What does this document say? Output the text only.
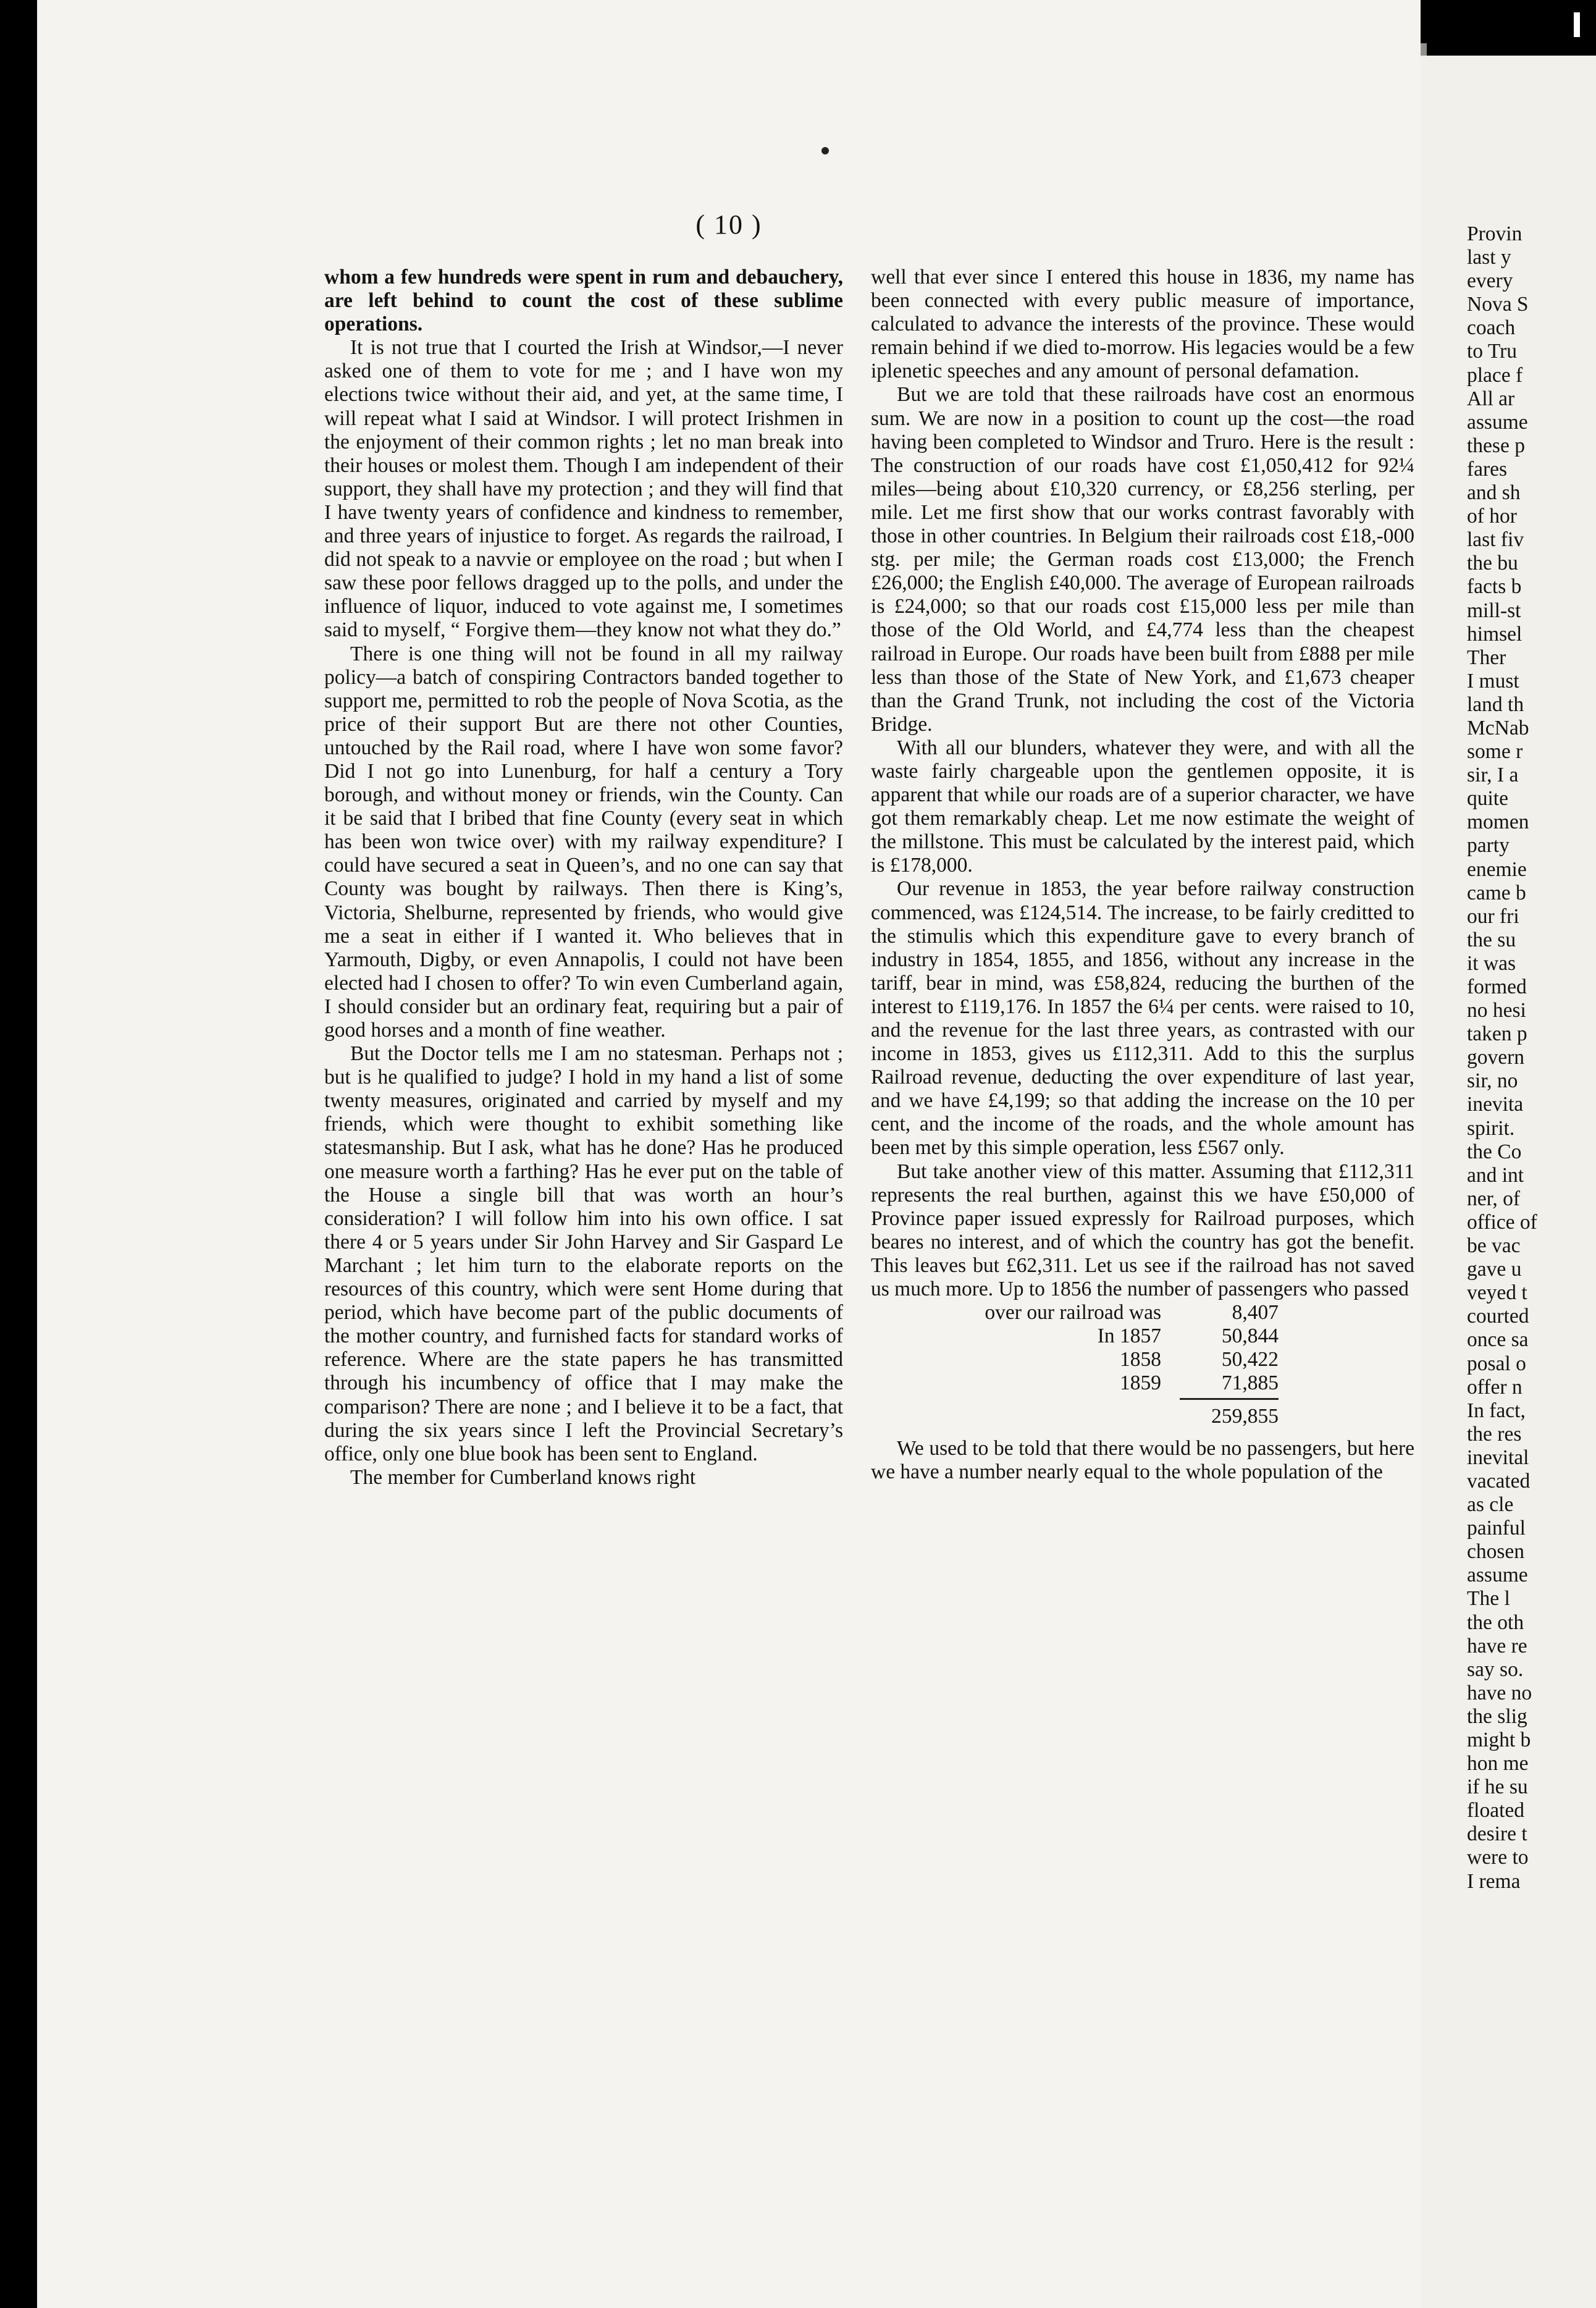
( 10 )

whom a few hundreds were spent in rum and debauchery, are left behind to count the cost of these sublime operations.

It is not true that I courted the Irish at Windsor,—I never asked one of them to vote for me ; and I have won my elections twice without their aid, and yet, at the same time, I will repeat what I said at Windsor. I will protect Irishmen in the enjoyment of their common rights ; let no man break into their houses or molest them. Though I am independent of their support, they shall have my protection ; and they will find that I have twenty years of confidence and kindness to remember, and three years of injustice to forget. As regards the railroad, I did not speak to a navvie or employee on the road ; but when I saw these poor fellows dragged up to the polls, and under the influence of liquor, induced to vote against me, I sometimes said to myself, “ Forgive them—they know not what they do.”

There is one thing will not be found in all my railway policy—a batch of conspiring Contractors banded together to support me, permitted to rob the people of Nova Scotia, as the price of their support But are there not other Counties, untouched by the Rail road, where I have won some favor? Did I not go into Lunenburg, for half a century a Tory borough, and without money or friends, win the County. Can it be said that I bribed that fine County (every seat in which has been won twice over) with my railway expenditure? I could have secured a seat in Queen’s, and no one can say that County was bought by railways. Then there is King’s, Victoria, Shelburne, represented by friends, who would give me a seat in either if I wanted it. Who believes that in Yarmouth, Digby, or even Annapolis, I could not have been elected had I chosen to offer? To win even Cumberland again, I should consider but an ordinary feat, requiring but a pair of good horses and a month of fine weather.

But the Doctor tells me I am no statesman. Perhaps not ; but is he qualified to judge? I hold in my hand a list of some twenty measures, originated and carried by myself and my friends, which were thought to exhibit something like statesmanship. But I ask, what has he done? Has he produced one measure worth a farthing? Has he ever put on the table of the House a single bill that was worth an hour’s consideration? I will follow him into his own office. I sat there 4 or 5 years under Sir John Harvey and Sir Gaspard Le Marchant ; let him turn to the elaborate reports on the resources of this country, which were sent Home during that period, which have become part of the public documents of the mother country, and furnished facts for standard works of reference. Where are the state papers he has transmitted through his incumbency of office that I may make the comparison? There are none ; and I believe it to be a fact, that during the six years since I left the Provincial Secretary’s office, only one blue book has been sent to England.

The member for Cumberland knows right

well that ever since I entered this house in 1836, my name has been connected with every public measure of importance, calculated to advance the interests of the province. These would remain behind if we died to-morrow. His legacies would be a few iplenetic speeches and any amount of personal defamation.

But we are told that these railroads have cost an enormous sum. We are now in a position to count up the cost—the road having been completed to Windsor and Truro. Here is the result : The construction of our roads have cost £1,050,412 for 92¼ miles—being about £10,320 currency, or £8,256 sterling, per mile. Let me first show that our works contrast favorably with those in other countries. In Belgium their railroads cost £18,-000 stg. per mile; the German roads cost £13,000; the French £26,000; the English £40,000. The average of European railroads is £24,000; so that our roads cost £15,000 less per mile than those of the Old World, and £4,774 less than the cheapest railroad in Europe. Our roads have been built from £888 per mile less than those of the State of New York, and £1,673 cheaper than the Grand Trunk, not including the cost of the Victoria Bridge.

With all our blunders, whatever they were, and with all the waste fairly chargeable upon the gentlemen opposite, it is apparent that while our roads are of a superior character, we have got them remarkably cheap. Let me now estimate the weight of the millstone. This must be calculated by the interest paid, which is £178,000.

Our revenue in 1853, the year before railway construction commenced, was £124,514. The increase, to be fairly creditted to the stimulis which this expenditure gave to every branch of industry in 1854, 1855, and 1856, without any increase in the tariff, bear in mind, was £58,824, reducing the burthen of the interest to £119,176. In 1857 the 6¼ per cents. were raised to 10, and the revenue for the last three years, as contrasted with our income in 1853, gives us £112,311. Add to this the surplus Railroad revenue, deducting the over expenditure of last year, and we have £4,199; so that adding the increase on the 10 per cent, and the income of the roads, and the whole amount has been met by this simple operation, less £567 only.

But take another view of this matter. Assuming that £112,311 represents the real burthen, against this we have £50,000 of Province paper issued expressly for Railroad purposes, which beares no interest, and of which the country has got the benefit. This leaves but £62,311. Let us see if the railroad has not saved us much more. Up to 1856 the number of passengers who passed

over our railroad was	8,407
In 1857	50,844
1858	50,422
1859	71,885

	259,855

We used to be told that there would be no passengers, but here we have a number nearly equal to the whole population of the

Provin
last y
every
Nova S
coach
to Tru
place f
All ar
assume
these p
fares
and sh
of hor
last fiv
the bu
facts b
mill-st
himsel
Ther
I must
land th
McNab
some r
sir, I a
quite
momen
party
enemie
came b
our fri
the su
it was
formed
no hesi
taken p
govern
sir, no
inevita
spirit.
the Co
and int
ner, of
office of
be vac
gave u
veyed t
courted
once sa
posal o
offer n
In fact,
the res
inevital
vacated
as cle
painful
chosen
assume
The l
the oth
have re
say so.
have no
the slig
might b
hon me
if he su
floated
desire t
were to
I rema
